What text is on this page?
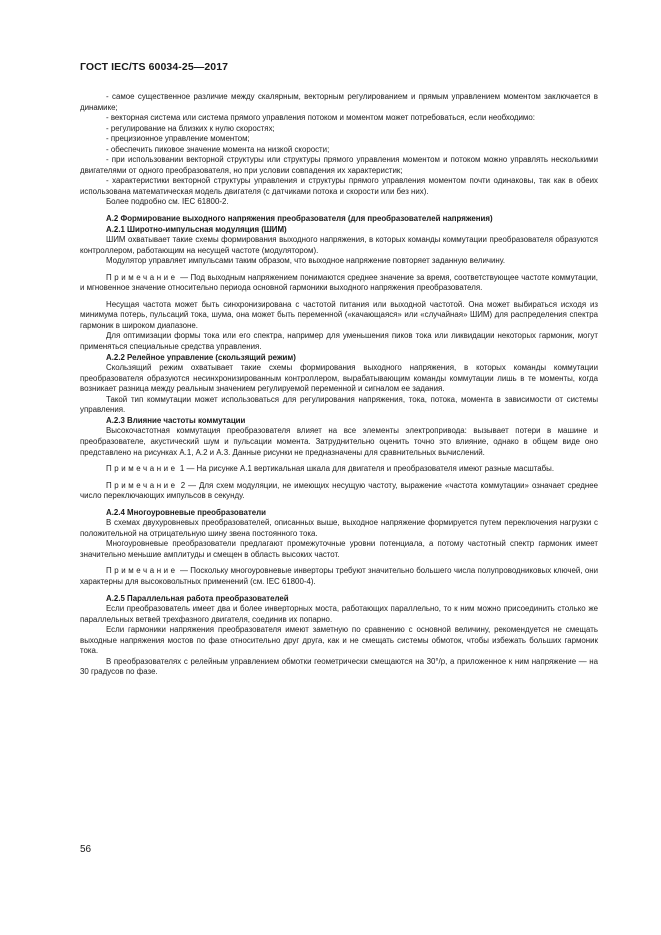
ГОСТ IEC/TS 60034-25—2017

- самое существенное различие между скалярным, векторным регулированием и прямым управлением моментом заключается в динамике;

- векторная система или система прямого управления потоком и моментом может потребоваться, если необходимо:

- регулирование на близких к нулю скоростях;

- прецизионное управление моментом;

- обеспечить пиковое значение момента на низкой скорости;

- при использовании векторной структуры или структуры прямого управления моментом и потоком можно управлять несколькими двигателями от одного преобразователя, но при условии совпадения их характеристик;

- характеристики векторной структуры управления и структуры прямого управления моментом почти одинаковы, так как в обеих использована математическая модель двигателя (с датчиками потока и скорости или без них).

Более подробно см. IEC 61800-2.

A.2 Формирование выходного напряжения преобразователя (для преобразователей напряжения)

A.2.1 Широтно-импульсная модуляция (ШИМ)

ШИМ охватывает такие схемы формирования выходного напряжения, в которых команды коммутации преобразователя образуются контроллером, работающим на несущей частоте (модулятором).

Модулятор управляет импульсами таким образом, что выходное напряжение повторяет заданную величину.

Примечание — Под выходным напряжением понимаются среднее значение за время, соответствующее частоте коммутации, и мгновенное значение относительно периода основной гармоники выходного напряжения преобразователя.

Несущая частота может быть синхронизирована с частотой питания или выходной частотой. Она может выбираться исходя из минимума потерь, пульсаций тока, шума, она может быть переменной («качающаяся» или «случайная» ШИМ) для распределения спектра гармоник в широком диапазоне.

Для оптимизации формы тока или его спектра, например для уменьшения пиков тока или ликвидации некоторых гармоник, могут применяться специальные средства управления.

A.2.2 Релейное управление (скользящий режим)

Скользящий режим охватывает такие схемы формирования выходного напряжения, в которых команды коммутации преобразователя образуются несинхронизированным контроллером, вырабатывающим команды коммутации лишь в те моменты, когда возникает разница между реальным значением регулируемой переменной и сигналом ее задания.

Такой тип коммутации может использоваться для регулирования напряжения, тока, потока, момента в зависимости от системы управления.

A.2.3 Влияние частоты коммутации

Высокочастотная коммутация преобразователя влияет на все элементы электропривода: вызывает потери в машине и преобразователе, акустический шум и пульсации момента. Затруднительно оценить точно это влияние, однако в общем виде оно представлено на рисунках А.1, А.2 и А.3. Данные рисунки не предназначены для сравнительных вычислений.

Примечание 1 — На рисунке А.1 вертикальная шкала для двигателя и преобразователя имеют разные масштабы.

Примечание 2 — Для схем модуляции, не имеющих несущую частоту, выражение «частота коммутации» означает среднее число переключающих импульсов в секунду.

A.2.4 Многоуровневые преобразователи

В схемах двухуровневых преобразователей, описанных выше, выходное напряжение формируется путем переключения нагрузки с положительной на отрицательную шину звена постоянного тока.

Многоуровневые преобразователи предлагают промежуточные уровни потенциала, а потому частотный спектр гармоник имеет значительно меньшие амплитуды и смещен в область высоких частот.

Примечание — Поскольку многоуровневые инверторы требуют значительно большего числа полупроводниковых ключей, они характерны для высоковольтных применений (см. IEC 61800-4).

A.2.5 Параллельная работа преобразователей

Если преобразователь имеет два и более инверторных моста, работающих параллельно, то к ним можно присоединить столько же параллельных ветвей трехфазного двигателя, соединив их попарно.

Если гармоники напряжения преобразователя имеют заметную по сравнению с основной величину, рекомендуется не смещать выходные напряжения мостов по фазе относительно друг друга, как и не смещать системы обмоток, чтобы избежать больших гармоник тока.

В преобразователях с релейным управлением обмотки геометрически смещаются на 30°/p, а приложенное к ним напряжение — на 30 градусов по фазе.

56
